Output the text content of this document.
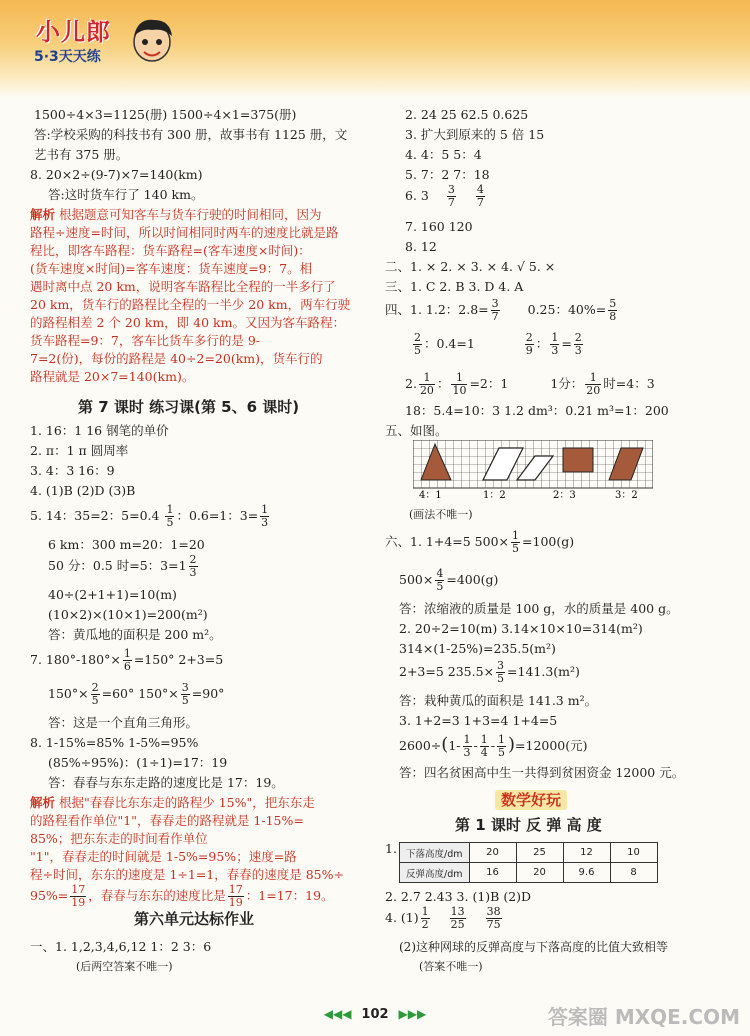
小儿郎
5·3天天练
1500÷4×3=1125(册) 1500÷4×1=375(册)
答:学校采购的科技书有 300 册，故事书有 1125 册，文
艺书有 375 册。
8. 20×2÷(9-7)×7=140(km)
答:这时货车行了 140 km。
解析 根据题意可知客车与货车行驶的时间相同，因为
路程÷速度=时间，所以时间相同时两车的速度比就是路
程比，即客车路程：货车路程=(客车速度×时间)：
(货车速度×时间)=客车速度：货车速度=9：7。相
遇时离中点 20 km，说明客车路程比全程的一半多行了
20 km，货车行的路程比全程的一半少 20 km，两车行驶
的路程相差 2 个 20 km，即 40 km。又因为客车路程：
货车路程=9：7，客车比货车多行的是 9-
7=2(份)，每份的路程是 40÷2=20(km)，货车行的
路程就是 20×7=140(km)。
第 7 课时 练习课(第 5、6 课时)
1. 16：1 16 钢笔的单价
2. π：1 π 圆周率
3. 4：3 16：9
4. (1)B (2)D (3)B
5. 14：35=2：$5=0.4 \frac{1}{5}$ ：0.6=1：$3= \frac{1}{3}$
6 km：300 m=20：1=20
50 分：0.5 时=5：$3=1 \frac{2}{3}$
40÷(2+1+1)=10(m)
(10×2)×(10×1)=200(m²)
答：黄瓜地的面积是 200 m²。
7. $180^\circ-180^\circ\times \frac{1}{6} =150^\circ$ 2+3=5
$150^\circ\times \frac{2}{5} =60^\circ$ $150^\circ\times \frac{3}{5} =90^\circ$
答：这是一个直角三角形。
8. 1-15%=85% 1-5%=95%
(85%÷95%)：(1÷1)=17：19
答：春春与东东走路的速度比是 17：19。
解析 根据"春春比东东走的路程少 15%"，把东东走
的路程看作单位"1"，春春走的路程就是 1-15%=
85%；把东东走的时间看作单位
"1"，春春走的时间就是 1-5%=95%；速度=路
程÷时间，东东的速度是 1÷1=1，春春的速度是 85%÷
$95\%= \frac{17}{19}$ ，春春与东东的速度比是 $\frac{17}{19}$ ：1=17：19。
第六单元达标作业
一、1. 1,2,3,4,6,12 1：2 3：6
(后两空答案不唯一)
2. 24 25 62.5 0.625
3. 扩大到原来的 5 倍 15
4. 4：5 5：4
5. 7：2 7：18
6. $3 \frac{3}{7}$
$\frac{4}{7}$
7. 160 120
8. 12
二、1. × 2. × 3. × 4. √ 5. ×
三、1. C 2. B 3. D 4. A
四、1. 1.2：$2.8= \frac{3}{7} 0.25$：$40\%= \frac{5}{8}$
$\frac{2}{5}$ ：0.4=1	$\frac{2}{9}$ ： $\frac{1}{3} = \frac{2}{3}$
2. $\frac{1}{20}$ ： $\frac{1}{10} =2$：1	1分： $\frac{1}{20}$ 时=4：3
18：5.4=10：3 1.2 dm³：0.21 m³=1：200
五、如图。
4：1	1：2	2：3	3：2
(画法不唯一)
六、1. 1+4=5 $500\times \frac{1}{5} =100(g)$
$500\times \frac{4}{5} =400(g)$
答：浓缩液的质量是 100 g，水的质量是 400 g。
2. 20÷2=10(m) 3.14×10×10=314(m²)
314×(1-25%)=235.5(m²)
2+3=5 $235.5\times \frac{3}{5} =141.3(m^2)$
答：栽种黄瓜的面积是 141.3 m²。
3. 1+2=3 1+3=4 1+4=5
$2600\div(1- \frac{1}{3} - \frac{1}{4} - \frac{1}{5} )=12000$(元)
答：四名贫困高中生一共得到贫困资金 12000 元。
数学好玩
第 1 课时 反 弹 高 度
1. 下落高度/dm	20	25	12	10
反弹高度/dm	16	20	9.6	8
2. 2.7 2.43 3. (1)B (2)D
4. $(1) \frac{1}{2}$
$\frac{13}{25}$
$\frac{38}{75}$
(2)这种网球的反弹高度与下落高度的比值大致相等
(答案不唯一)
◀◀◀ 102 ▶▶▶	答案圈 MXQE.COM
